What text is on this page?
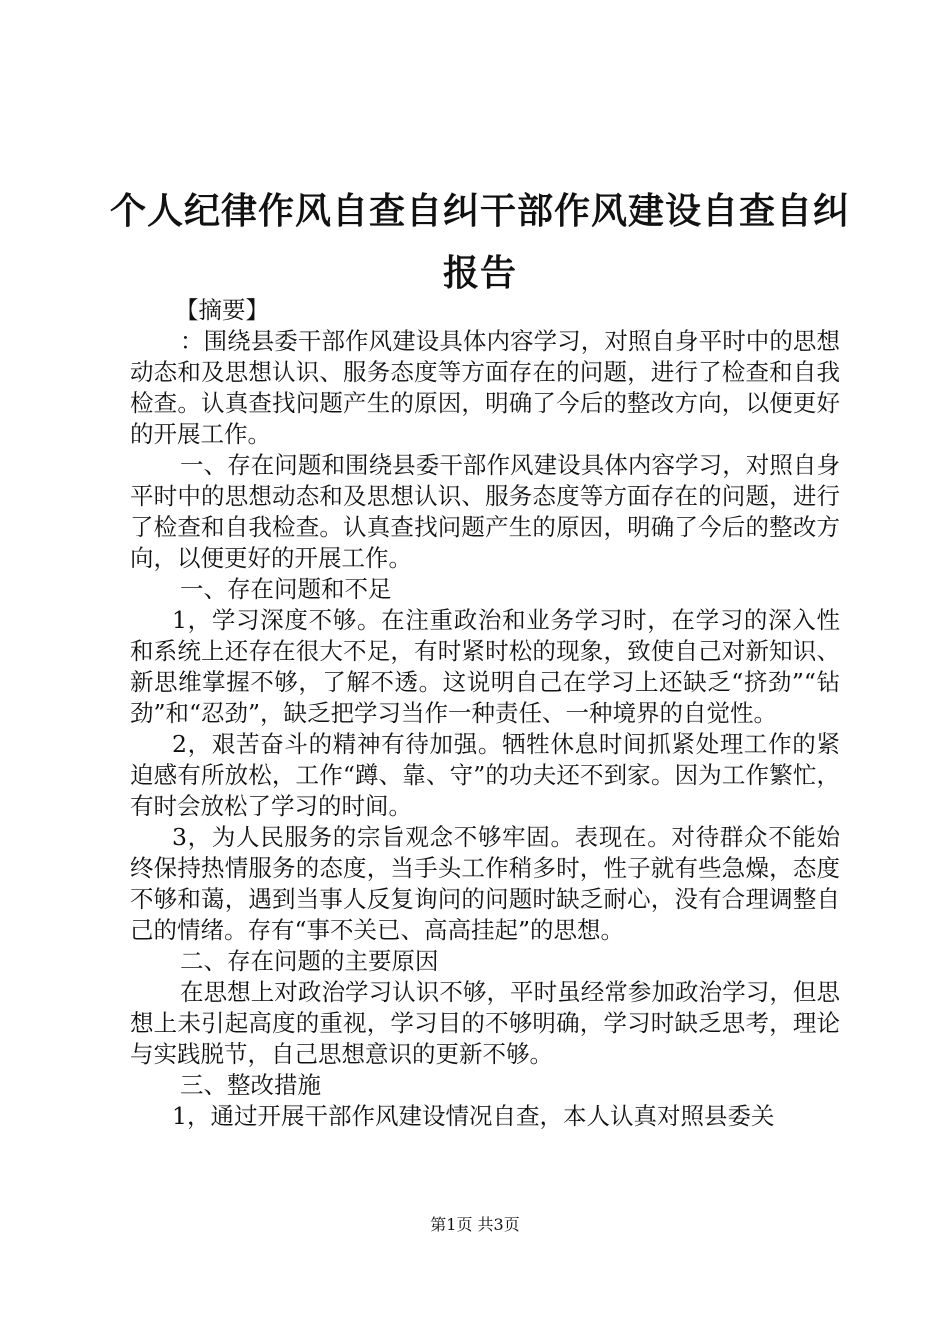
个人纪律作风自查自纠干部作风建设自查自纠报告

【摘要】

：围绕县委干部作风建设具体内容学习，对照自身平时中的思想动态和及思想认识、服务态度等方面存在的问题，进行了检查和自我检查。认真查找问题产生的原因，明确了今后的整改方向，以便更好的开展工作。

一、存在问题和围绕县委干部作风建设具体内容学习，对照自身平时中的思想动态和及思想认识、服务态度等方面存在的问题，进行了检查和自我检查。认真查找问题产生的原因，明确了今后的整改方向，以便更好的开展工作。

一、存在问题和不足

1，学习深度不够。在注重政治和业务学习时，在学习的深入性和系统上还存在很大不足，有时紧时松的现象，致使自己对新知识、新思维掌握不够，了解不透。这说明自己在学习上还缺乏“挤劲”“钻劲”和“忍劲”，缺乏把学习当作一种责任、一种境界的自觉性。

2，艰苦奋斗的精神有待加强。牺牲休息时间抓紧处理工作的紧迫感有所放松，工作“蹲、靠、守”的功夫还不到家。因为工作繁忙，有时会放松了学习的时间。

3，为人民服务的宗旨观念不够牢固。表现在。对待群众不能始终保持热情服务的态度，当手头工作稍多时，性子就有些急燥，态度不够和蔼，遇到当事人反复询问的问题时缺乏耐心，没有合理调整自己的情绪。存有“事不关已、高高挂起”的思想。

二、存在问题的主要原因

在思想上对政治学习认识不够，平时虽经常参加政治学习，但思想上未引起高度的重视，学习目的不够明确，学习时缺乏思考，理论与实践脱节，自己思想意识的更新不够。

三、整改措施

1，通过开展干部作风建设情况自查，本人认真对照县委关

第1页 共3页
